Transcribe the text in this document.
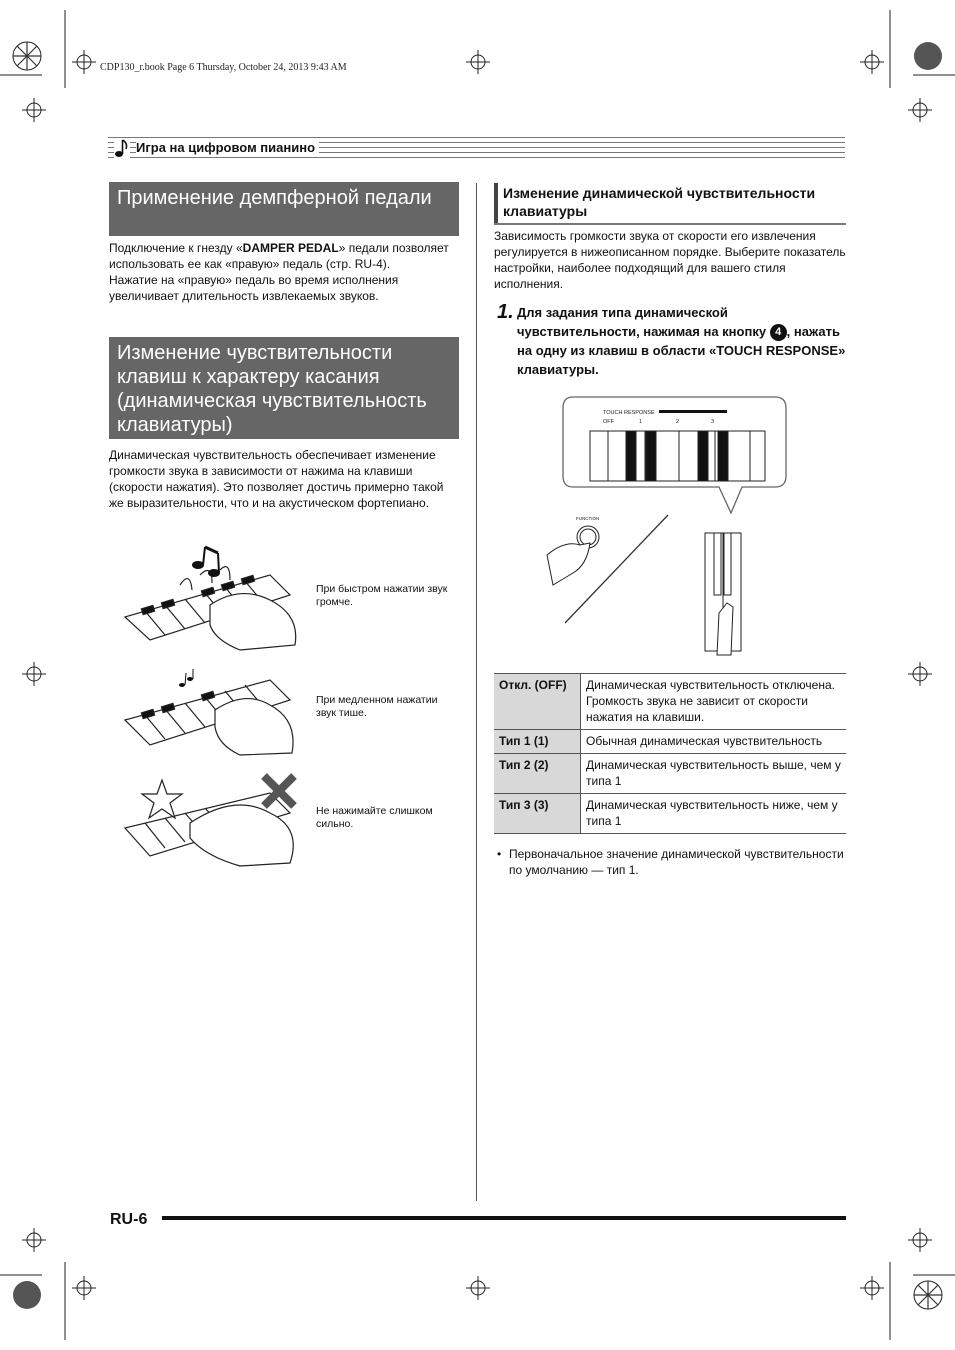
CDP130_r.book Page 6 Thursday, October 24, 2013 9:43 AM
Игра на цифровом пианино
Применение демпферной педали

Подключение к гнезду «DAMPER PEDAL» педали позволяет использовать ее как «правую» педаль (стр. RU-4).

Нажатие на «правую» педаль во время исполнения увеличивает длительность извлекаемых звуков.

Изменение чувствительности клавиш к характеру касания (динамическая чувствительность клавиатуры)
Динамическая чувствительность обеспечивает изменение громкости звука в зависимости от нажима на клавиши (скорости нажатия). Это позволяет достичь примерно такой же выразительности, что и на акустическом фортепиано.
При быстром нажатии звук громче.
При медленном нажатии звук тише.
Не нажимайте слишком сильно.
Изменение динамической чувствительности клавиатуры
Зависимость громкости звука от скорости его извлечения регулируется в нижеописанном порядке. Выберите показатель настройки, наиболее подходящий для вашего стиля исполнения.
1. Для задания типа динамической чувствительности, нажимая на кнопку 4 , нажать на одну из клавиш в области «TOUCH RESPONSE» клавиатуры.
TOUCH RESPONSE
OFF	1	2	3
FUNCTION
Откл. (OFF)	Динамическая чувствительность отключена. Громкость звука не зависит от скорости нажатия на клавиши.
Тип 1 (1)	Обычная динамическая чувствительность
Тип 2 (2)	Динамическая чувствительность выше, чем у типа 1
Тип 3 (3)	Динамическая чувствительность ниже, чем у типа 1
• Первоначальное значение динамической чувствительности по умолчанию — тип 1.
RU-6
